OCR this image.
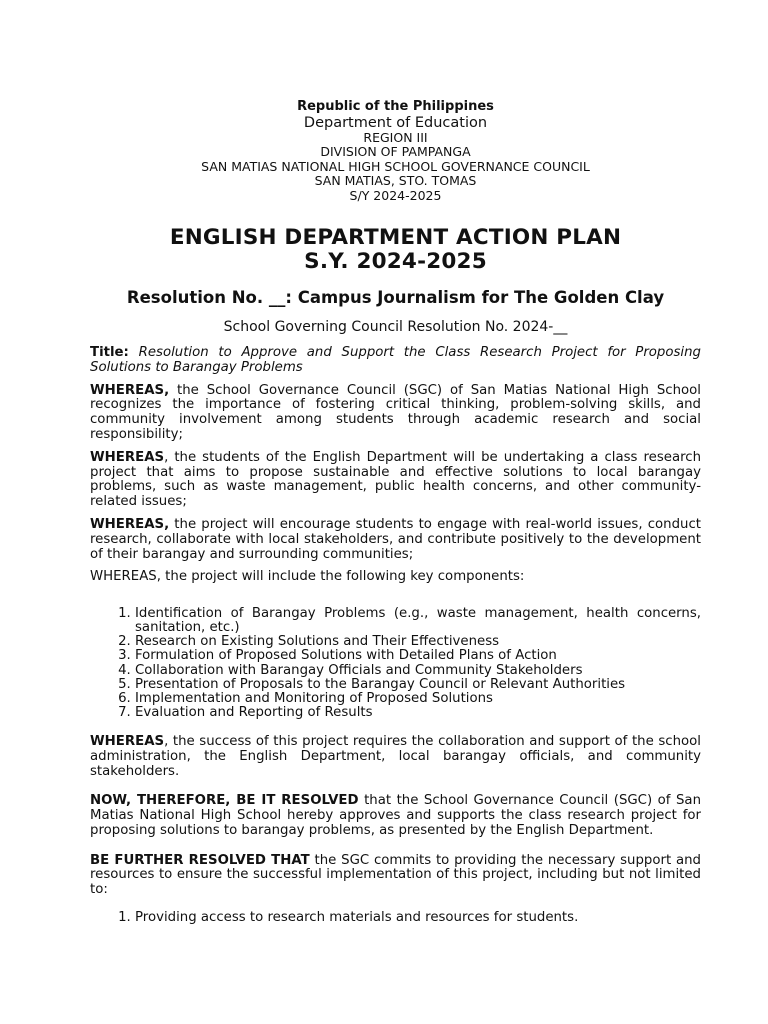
Republic of the Philippines
Department of Education
REGION III
DIVISION OF PAMPANGA
SAN MATIAS NATIONAL HIGH SCHOOL GOVERNANCE COUNCIL
SAN MATIAS, STO. TOMAS
S/Y 2024-2025
ENGLISH DEPARTMENT ACTION PLAN
S.Y. 2024-2025
Resolution No. __: Campus Journalism for The Golden Clay
School Governing Council Resolution No. 2024-__

Title: Resolution to Approve and Support the Class Research Project for Proposing Solutions to Barangay Problems

WHEREAS, the School Governance Council (SGC) of San Matias National High School recognizes the importance of fostering critical thinking, problem-solving skills, and community involvement among students through academic research and social responsibility;

WHEREAS, the students of the English Department will be undertaking a class research project that aims to propose sustainable and effective solutions to local barangay problems, such as waste management, public health concerns, and other community-related issues;

WHEREAS, the project will encourage students to engage with real-world issues, conduct research, collaborate with local stakeholders, and contribute positively to the development of their barangay and surrounding communities;

WHEREAS, the project will include the following key components:

1. Identification of Barangay Problems (e.g., waste management, health concerns, sanitation, etc.)
2. Research on Existing Solutions and Their Effectiveness
3. Formulation of Proposed Solutions with Detailed Plans of Action
4. Collaboration with Barangay Officials and Community Stakeholders
5. Presentation of Proposals to the Barangay Council or Relevant Authorities
6. Implementation and Monitoring of Proposed Solutions
7. Evaluation and Reporting of Results

WHEREAS, the success of this project requires the collaboration and support of the school administration, the English Department, local barangay officials, and community stakeholders.

NOW, THEREFORE, BE IT RESOLVED that the School Governance Council (SGC) of San Matias National High School hereby approves and supports the class research project for proposing solutions to barangay problems, as presented by the English Department.

BE FURTHER RESOLVED THAT the SGC commits to providing the necessary support and resources to ensure the successful implementation of this project, including but not limited to:

1. Providing access to research materials and resources for students.
